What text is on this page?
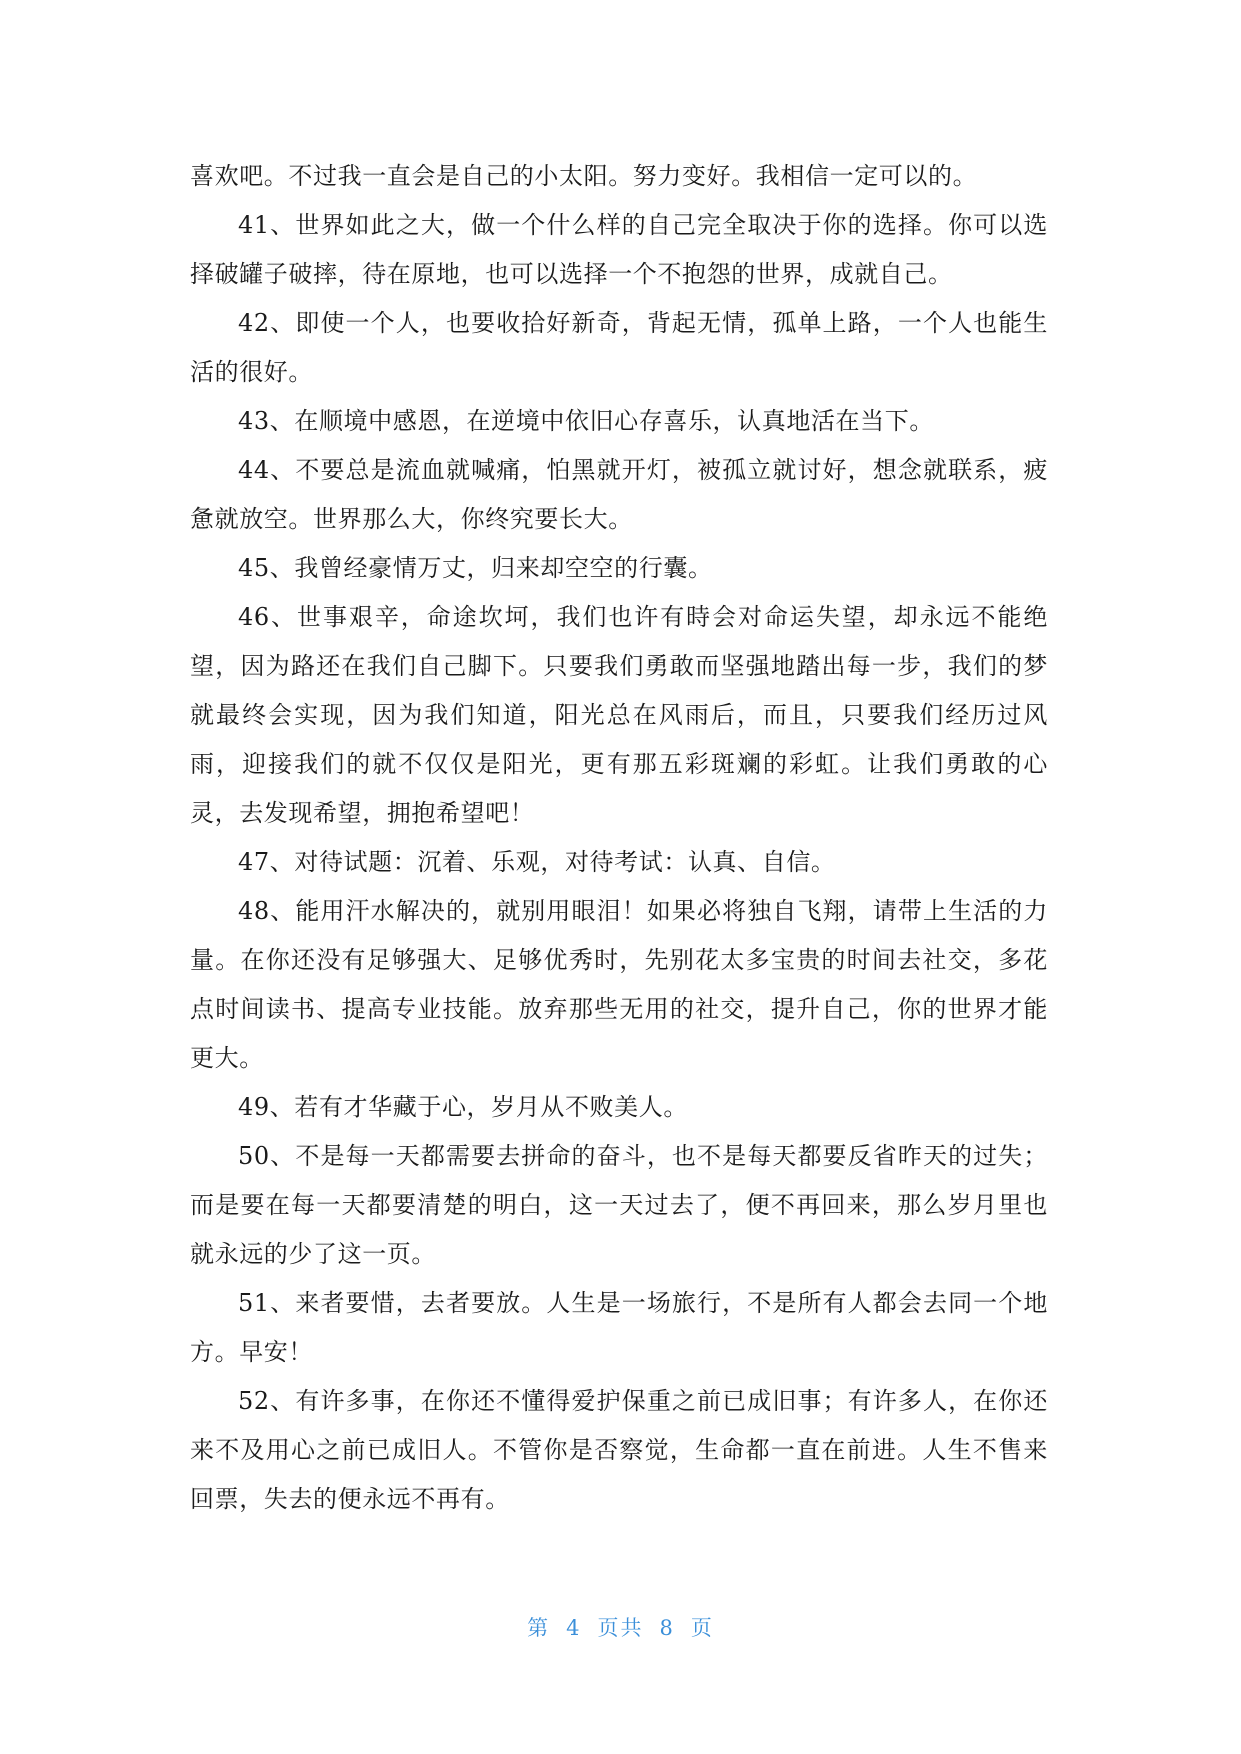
喜欢吧。不过我一直会是自己的小太阳。努力变好。我相信一定可以的。

41、世界如此之大，做一个什么样的自己完全取决于你的选择。你可以选择破罐子破摔，待在原地，也可以选择一个不抱怨的世界，成就自己。

42、即使一个人，也要收拾好新奇，背起无情，孤单上路，一个人也能生活的很好。

43、在顺境中感恩，在逆境中依旧心存喜乐，认真地活在当下。

44、不要总是流血就喊痛，怕黑就开灯，被孤立就讨好，想念就联系，疲惫就放空。世界那么大，你终究要长大。

45、我曾经豪情万丈，归来却空空的行囊。

46、世事艰辛，命途坎坷，我们也许有時会对命运失望，却永远不能绝望，因为路还在我们自己脚下。只要我们勇敢而坚强地踏出每一步，我们的梦就最终会实现，因为我们知道，阳光总在风雨后，而且，只要我们经历过风雨，迎接我们的就不仅仅是阳光，更有那五彩斑斓的彩虹。让我们勇敢的心灵，去发现希望，拥抱希望吧！

47、对待试题：沉着、乐观，对待考试：认真、自信。

48、能用汗水解决的，就别用眼泪！如果必将独自飞翔，请带上生活的力量。在你还没有足够强大、足够优秀时，先别花太多宝贵的时间去社交，多花点时间读书、提高专业技能。放弃那些无用的社交，提升自己，你的世界才能更大。

49、若有才华藏于心，岁月从不败美人。

50、不是每一天都需要去拼命的奋斗，也不是每天都要反省昨天的过失；而是要在每一天都要清楚的明白，这一天过去了，便不再回来，那么岁月里也就永远的少了这一页。

51、来者要惜，去者要放。人生是一场旅行，不是所有人都会去同一个地方。早安！

52、有许多事，在你还不懂得爱护保重之前已成旧事；有许多人，在你还来不及用心之前已成旧人。不管你是否察觉，生命都一直在前进。人生不售来回票，失去的便永远不再有。

第 4 页共 8 页
